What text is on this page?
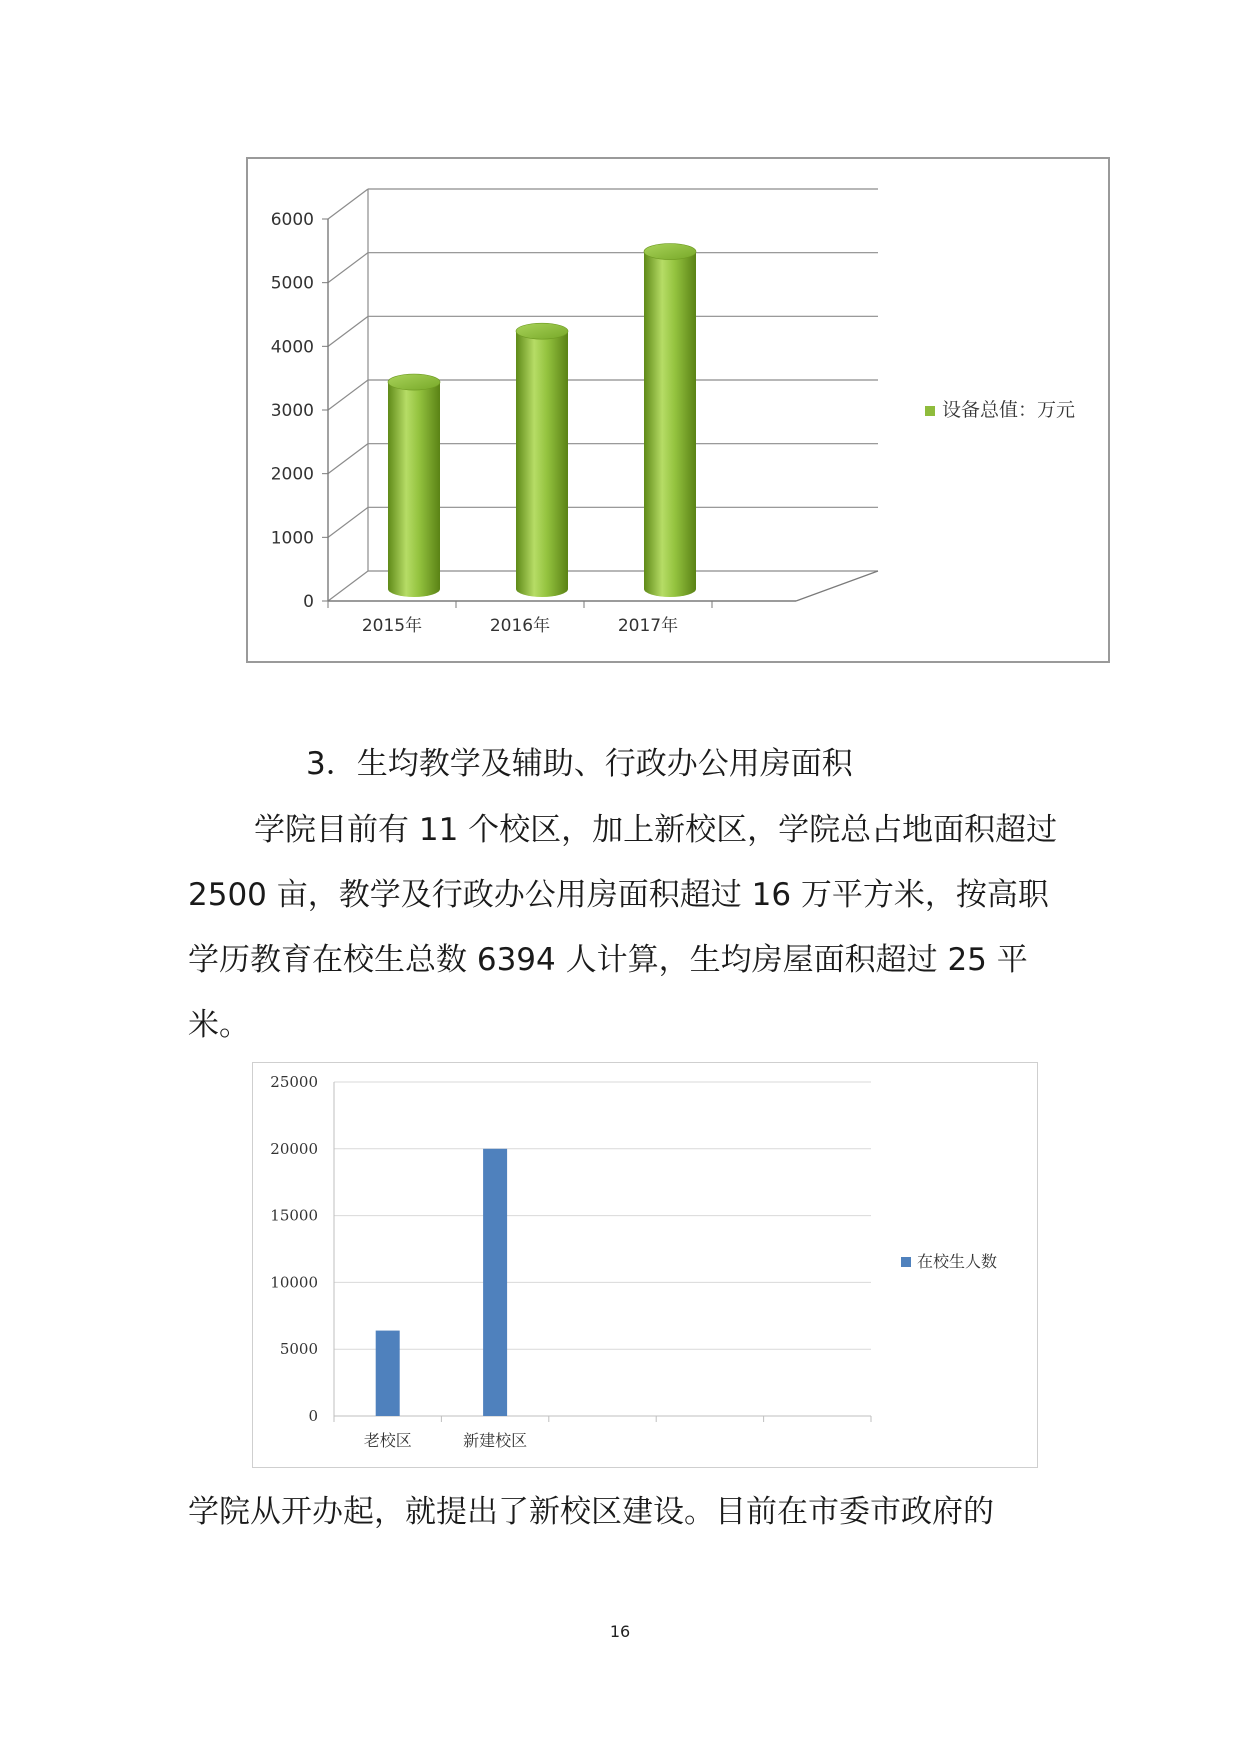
0
1000
2000
3000
4000
5000
6000
2015年	2016年	2017年
设备总值：万元

3．生均教学及辅助、行政办公用房面积

学院目前有 11 个校区，加上新校区，学院总占地面积超过 2500 亩，教学及行政办公用房面积超过 16 万平方米，按高职学历教育在校生总数 6394 人计算，生均房屋面积超过 25 平米。

0
5000
10000
15000
20000
25000
老校区	新建校区
在校生人数

学院从开办起，就提出了新校区建设。目前在市委市政府的

16
